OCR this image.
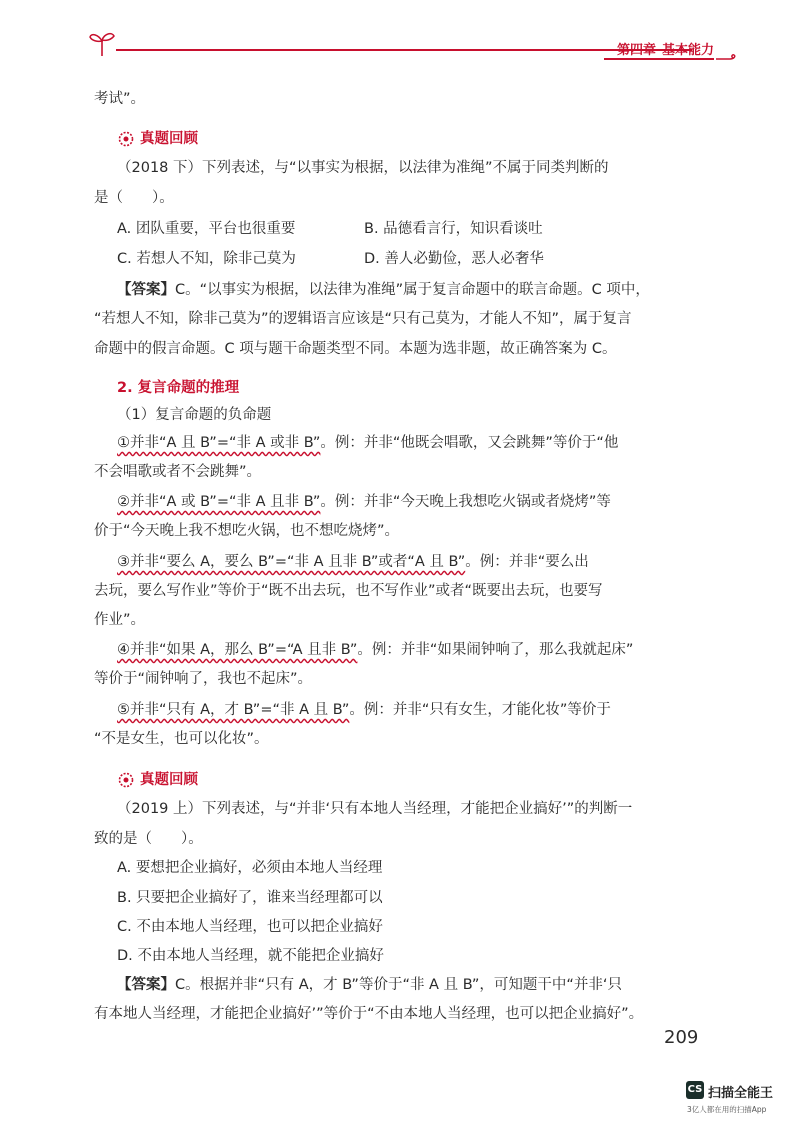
第四章 基本能力
考试”。
真题回顾
（2018 下）下列表述，与“以事实为根据，以法律为准绳”不属于同类判断的
是（　　）。
A. 团队重要，平台也很重要	B. 品德看言行，知识看谈吐
C. 若想人不知，除非己莫为	D. 善人必勤俭，恶人必奢华
【答案】C。“以事实为根据，以法律为准绳”属于复言命题中的联言命题。C 项中，
“若想人不知，除非己莫为”的逻辑语言应该是“只有己莫为，才能人不知”，属于复言
命题中的假言命题。C 项与题干命题类型不同。本题为选非题，故正确答案为 C。
2. 复言命题的推理
（1）复言命题的负命题
①并非“A 且 B”=“非 A 或非 B”。例：并非“他既会唱歌，又会跳舞”等价于“他
不会唱歌或者不会跳舞”。
②并非“A 或 B”=“非 A 且非 B”。例：并非“今天晚上我想吃火锅或者烧烤”等
价于“今天晚上我不想吃火锅，也不想吃烧烤”。
③并非“要么 A，要么 B”=“非 A 且非 B”或者“A 且 B”。例：并非“要么出
去玩，要么写作业”等价于“既不出去玩，也不写作业”或者“既要出去玩，也要写
作业”。
④并非“如果 A，那么 B”=“A 且非 B”。例：并非“如果闹钟响了，那么我就起床”
等价于“闹钟响了，我也不起床”。
⑤并非“只有 A，才 B”=“非 A 且 B”。例：并非“只有女生，才能化妆”等价于
“不是女生，也可以化妆”。
真题回顾
（2019 上）下列表述，与“并非‘只有本地人当经理，才能把企业搞好’”的判断一
致的是（　　）。
A. 要想把企业搞好，必须由本地人当经理
B. 只要把企业搞好了，谁来当经理都可以
C. 不由本地人当经理，也可以把企业搞好
D. 不由本地人当经理，就不能把企业搞好
【答案】C。根据并非“只有 A，才 B”等价于“非 A 且 B”，可知题干中“并非‘只
有本地人当经理，才能把企业搞好’”等价于“不由本地人当经理，也可以把企业搞好”。
209
CS 扫描全能王
3亿人都在用的扫描App
